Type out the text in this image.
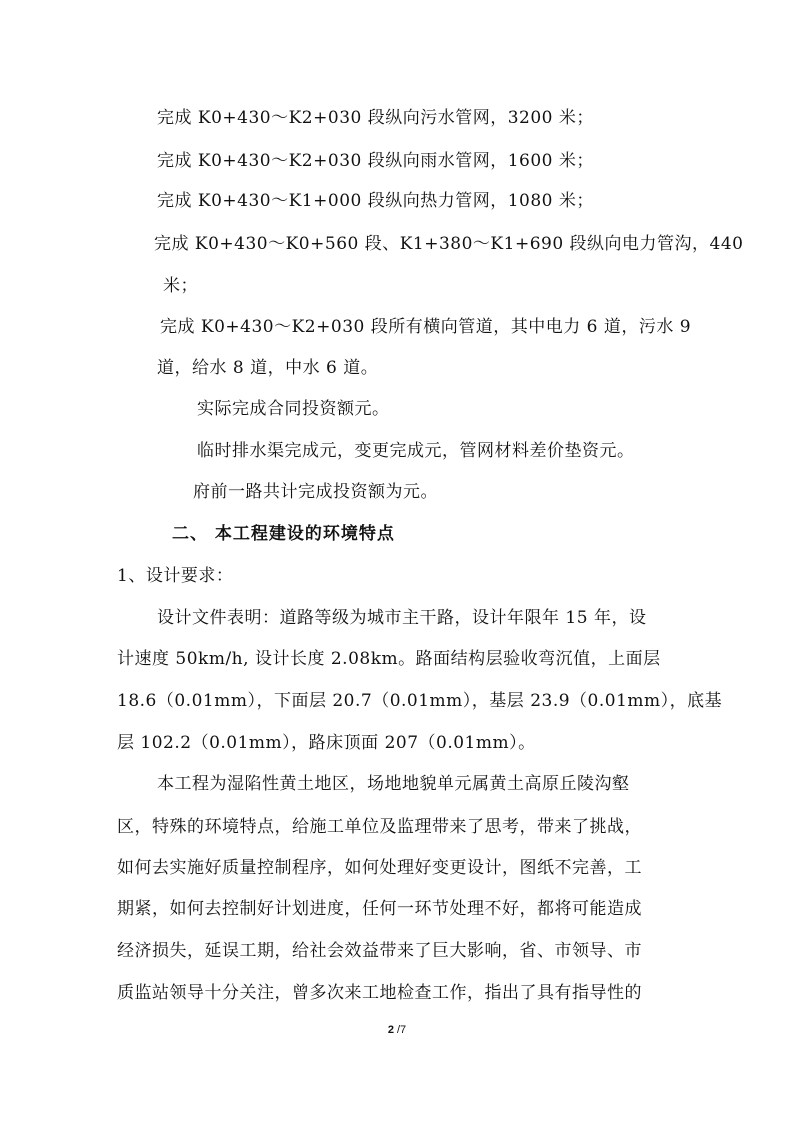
完成 K0+430～K2+030 段纵向污水管网，3200 米；
完成 K0+430～K2+030 段纵向雨水管网，1600 米；
完成 K0+430～K1+000 段纵向热力管网，1080 米；
完成 K0+430～K0+560 段、K1+380～K1+690 段纵向电力管沟，440
米；
完成 K0+430～K2+030 段所有横向管道，其中电力 6 道，污水 9
道，给水 8 道，中水 6 道。
实际完成合同投资额元。
临时排水渠完成元，变更完成元，管网材料差价垫资元。
府前一路共计完成投资额为元。
二、 本工程建设的环境特点
1、设计要求：
设计文件表明：道路等级为城市主干路，设计年限年 15 年，设
计速度 50km/h, 设计长度 2.08km。路面结构层验收弯沉值，上面层
18.6（0.01mm），下面层 20.7（0.01mm），基层 23.9（0.01mm），底基
层 102.2（0.01mm），路床顶面 207（0.01mm）。
本工程为湿陷性黄土地区，场地地貌单元属黄土高原丘陵沟壑
区，特殊的环境特点，给施工单位及监理带来了思考，带来了挑战，
如何去实施好质量控制程序，如何处理好变更设计，图纸不完善，工
期紧，如何去控制好计划进度，任何一环节处理不好，都将可能造成
经济损失，延误工期，给社会效益带来了巨大影响，省、市领导、市
质监站领导十分关注，曾多次来工地检查工作，指出了具有指导性的
2 /7
